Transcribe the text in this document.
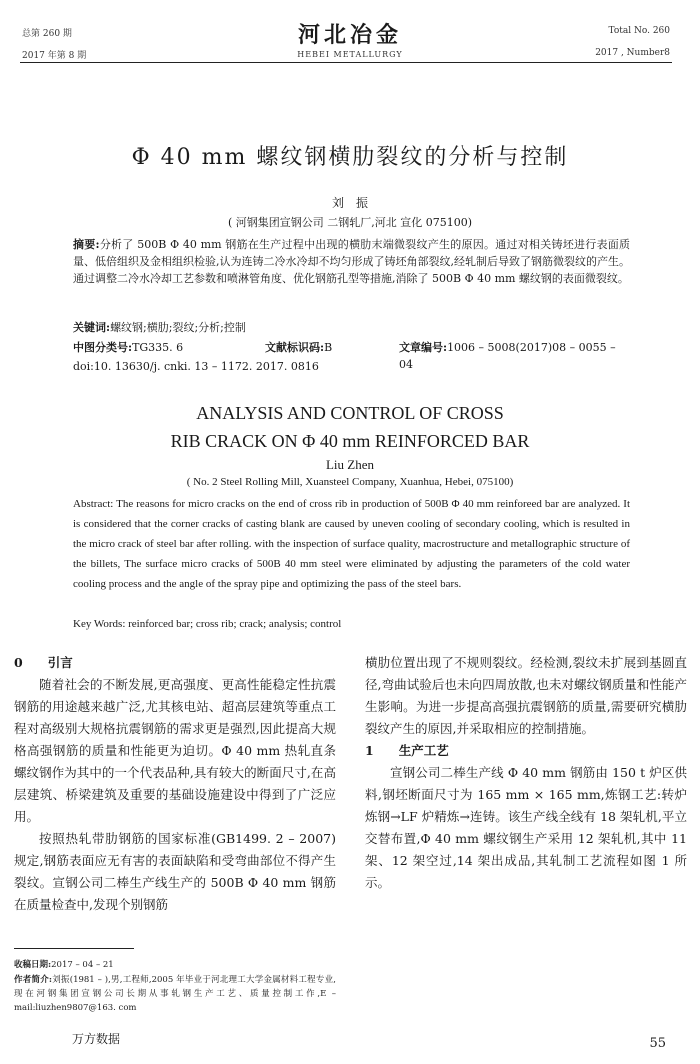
总第 260 期
2017 年第 8 期
河北冶金
HEBEI METALLURGY
Total No. 260
2017 , Number8
Φ 40 mm 螺纹钢横肋裂纹的分析与控制
刘　振
( 河钢集团宣钢公司 二钢轧厂,河北 宣化 075100)
摘要:分析了 500B Φ 40 mm 钢筋在生产过程中出现的横肋末端微裂纹产生的原因。通过对相关铸坯进行表面质量、低倍组织及金相组织检验,认为连铸二冷水冷却不均匀形成了铸坯角部裂纹,经轧制后导致了钢筋微裂纹的产生。通过调整二冷水冷却工艺参数和喷淋管角度、优化钢筋孔型等措施,消除了 500B Φ 40 mm 螺纹钢的表面微裂纹。
关键词:螺纹钢;横肋;裂纹;分析;控制
中图分类号:TG335. 6	文献标识码:B	文章编号:1006 – 5008(2017)08 – 0055 – 04
doi:10. 13630/j. cnki. 13 – 1172. 2017. 0816
ANALYSIS AND CONTROL OF CROSS
RIB CRACK ON Φ 40 mm REINFORCED BAR
Liu Zhen
( No. 2 Steel Rolling Mill, Xuansteel Company, Xuanhua, Hebei, 075100)
Abstract: The reasons for micro cracks on the end of cross rib in production of 500B Φ 40 mm reinforeed bar are analyzed. It is considered that the corner cracks of casting blank are caused by uneven cooling of secondary cooling, which is resulted in the micro crack of steel bar after rolling. with the inspection of surface quality, macrostructure and metallographic structure of the billets, The surface micro cracks of 500B 40 mm steel were eliminated by adjusting the parameters of the cold water cooling process and the angle of the spray pipe and optimizing the pass of the steel bars.
Key Words: reinforced bar; cross rib; crack; analysis; control

0　　 引言

随着社会的不断发展,更高强度、更高性能稳定性抗震钢筋的用途越来越广泛,尤其核电站、超高层建筑等重点工程对高级别大规格抗震钢筋的需求更是强烈,因此提高大规格高强钢筋的质量和性能更为迫切。Φ 40 mm 热轧直条螺纹钢作为其中的一个代表品种,具有较大的断面尺寸,在高层建筑、桥梁建筑及重要的基础设施建设中得到了广泛应用。

按照热轧带肋钢筋的国家标准(GB1499. 2 – 2007)规定,钢筋表面应无有害的表面缺陷和受弯曲部位不得产生裂纹。宣钢公司二棒生产线生产的 500B Φ 40 mm 钢筋在质量检查中,发现个别钢筋

横肋位置出现了不规则裂纹。经检测,裂纹未扩展到基圆直径,弯曲试验后也未向四周放散,也未对螺纹钢质量和性能产生影响。为进一步提高高强抗震钢筋的质量,需要研究横肋裂纹产生的原因,并采取相应的控制措施。

1　　 生产工艺

宣钢公司二棒生产线 Φ 40 mm 钢筋由 150 t 炉区供料,钢坯断面尺寸为 165 mm × 165 mm,炼钢工艺:转炉炼钢→LF 炉精炼→连铸。该生产线全线有 18 架轧机,平立交替布置,Φ 40 mm 螺纹钢生产采用 12 架轧机,其中 11 架、12 架空过,14 架出成品,其轧制工艺流程如图 1 所示。

收稿日期:2017 – 04 – 21
作者简介:刘振(1981 – ),男,工程师,2005 年毕业于河北理工大学金属材料工程专业,现在河钢集团宣钢公司长期从事轧钢生产工艺、质量控制工作,E – mail:liuzhen9807@163. com
万方数据	55
